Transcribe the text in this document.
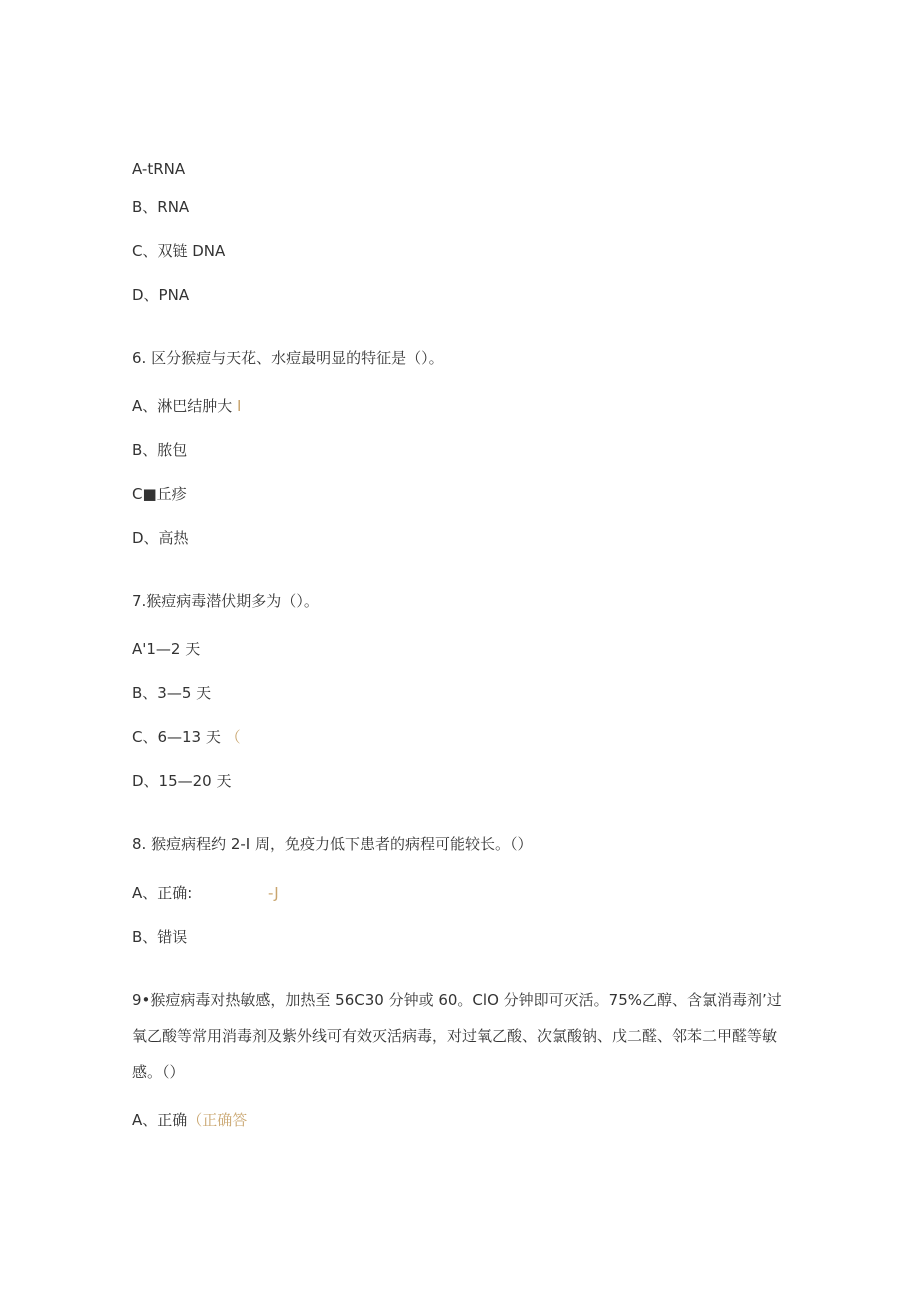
A-tRNA
B、RNA
C、双链 DNA
D、PNA
6. 区分猴痘与天花、水痘最明显的特征是（）。
A、淋巴结肿大 I
B、脓包
C■丘疹
D、高热
7.猴痘病毒潜伏期多为（）。
A'1—2 天
B、3—5 天
C、6—13 天 （
D、15—20 天
8. 猴痘病程约 2-I 周，免疫力低下患者的病程可能较长。（）
A、正确:	-J
B、错误
9•猴痘病毒对热敏感，加热至 56C30 分钟或 60。ClO 分钟即可灭活。75%乙醇、含氯消毒剂’过氧乙酸等常用消毒剂及紫外线可有效灭活病毒，对过氧乙酸、次氯酸钠、戊二醛、邻苯二甲醛等敏感。（）
A、正确（正确答
